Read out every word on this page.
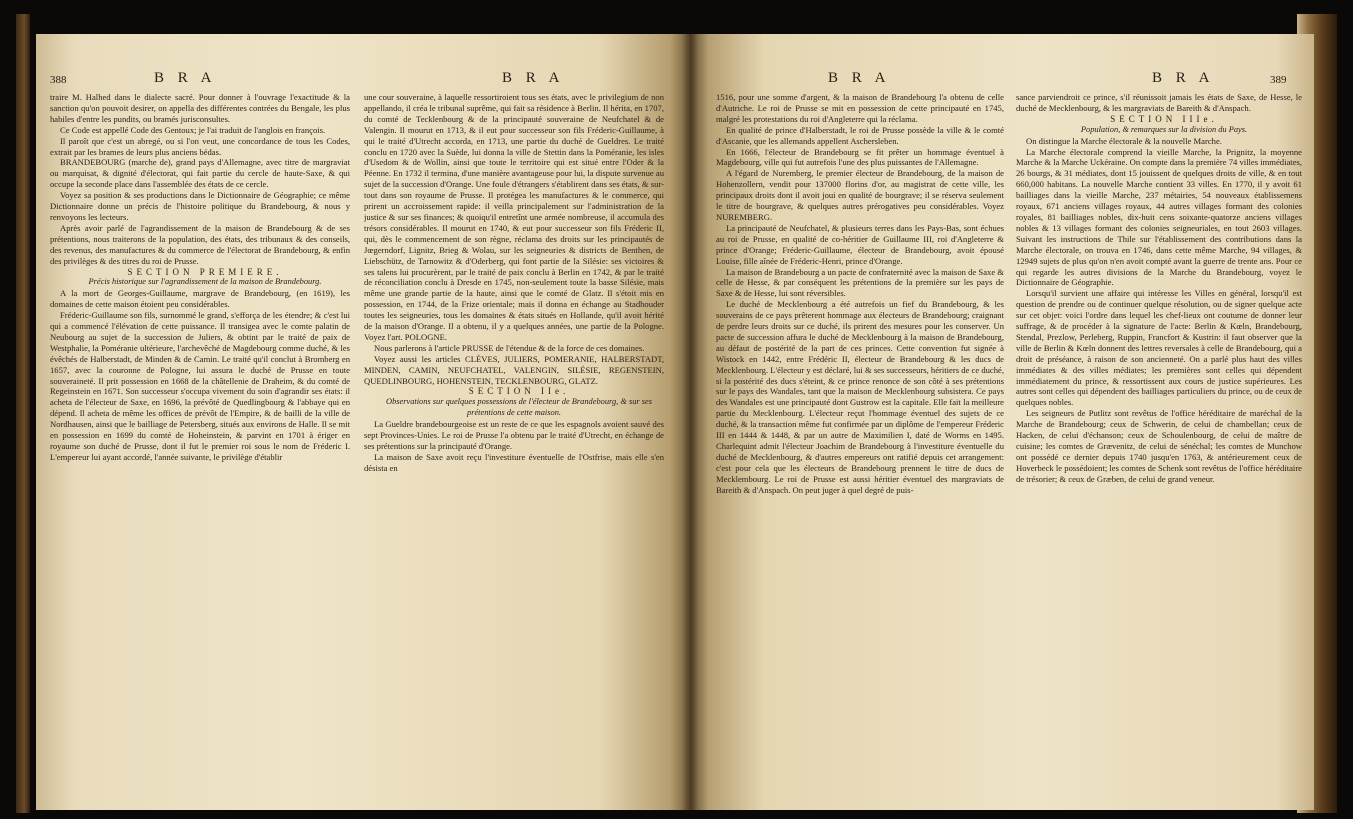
388	B R A	B R A

traire M. Halhed dans le dialecte sacré. Pour donner à l'ouvrage l'exactitude & la sanction qu'on pouvoit desirer, on appella des différentes contrées du Bengale, les plus habiles d'entre les pundits, ou bramés jurisconsultes.

Ce Code est appellé Code des Gentoux; je l'ai traduit de l'anglois en françois.

Il paroît que c'est un abregé, ou si l'on veut, une concordance de tous les Codes, extrait par les brames de leurs plus anciens bédas.

BRANDEBOURG (marche de), grand pays d'Allemagne, avec titre de margraviat ou marquisat, & dignité d'électorat, qui fait partie du cercle de haute-Saxe, & qui occupe la seconde place dans l'assemblée des états de ce cercle.

Voyez sa position & ses productions dans le Dictionnaire de Géographie; ce même Dictionnaire donne un précis de l'histoire politique du Brandebourg, & nous y renvoyons les lecteurs.

Après avoir parlé de l'agrandissement de la maison de Brandebourg & de ses prétentions, nous traiterons de la population, des états, des tribunaux & des conseils, des revenus, des manufactures & du commerce de l'électorat de Brandebourg, & enfin des privilèges & des titres du roi de Prusse.

SECTION PREMIERE.

Précis historique sur l'agrandissement de la maison de Brandebourg.

A la mort de Georges-Guillaume, margrave de Brandebourg, (en 1619), les domaines de cette maison étoient peu considérables.

Fréderic-Guillaume son fils, surnommé le grand, s'efforça de les étendre; & c'est lui qui a commencé l'élévation de cette puissance. Il transigea avec le comte palatin de Neubourg au sujet de la succession de Juliers, & obtint par le traité de paix de Westphalie, la Poméranie ultérieure, l'archevêché de Magdebourg comme duché, & les évêchés de Halberstadt, de Minden & de Camin. Le traité qu'il conclut à Bromberg en 1657, avec la couronne de Pologne, lui assura le duché de Prusse en toute souveraineté. Il prit possession en 1668 de la châtellenie de Draheim, & du comté de Regeinstein en 1671. Son successeur s'occupa vivement du soin d'agrandir ses états: il acheta de l'électeur de Saxe, en 1696, la prévôté de Quedlingbourg & l'abbaye qui en dépend. Il acheta de même les offices de prévôt de l'Empire, & de bailli de la ville de Nordhausen, ainsi que le bailliage de Petersberg, situés aux environs de Halle. Il se mit en possession en 1699 du comté de Hoheinstein, & parvint en 1701 à ériger en royaume son duché de Prusse, dont il fut le premier roi sous le nom de Fréderic I. L'empereur lui ayant accordé, l'année suivante, le privilège d'établir

une cour souveraine, à laquelle ressortiroient tous ses états, avec le privilegium de non appellando, il créa le tribunal suprême, qui fait sa résidence à Berlin. Il hérita, en 1707, du comté de Tecklenbourg & de la principauté souveraine de Neufchatel & de Valengin. Il mourut en 1713, & il eut pour successeur son fils Fréderic-Guillaume, à qui le traité d'Utrecht accorda, en 1713, une partie du duché de Gueldres. Le traité conclu en 1720 avec la Suède, lui donna la ville de Stettin dans la Poméranie, les isles d'Usedom & de Wollin, ainsi que toute le territoire qui est situé entre l'Oder & la Péenne. En 1732 il termina, d'une manière avantageuse pour lui, la dispute survenue au sujet de la succession d'Orange. Une foule d'étrangers s'établirent dans ses états, & sur-tout dans son royaume de Prusse. Il protégea les manufactures & le commerce, qui prirent un accroissement rapide: il veilla principalement sur l'administration de la justice & sur ses finances; & quoiqu'il entretînt une armée nombreuse, il accumula des trésors considérables. Il mourut en 1740, & eut pour successeur son fils Fréderic II, qui, dès le commencement de son règne, réclama des droits sur les principautés de Jœgerndorf, Lignitz, Brieg & Wolau, sur les seigneuries & districts de Benthen, de Liebschütz, de Tarnowitz & d'Oderberg, qui font partie de la Silésie: ses victoires & ses talens lui procurèrent, par le traité de paix conclu à Berlin en 1742, & par le traité de réconciliation conclu à Dresde en 1745, non-seulement toute la basse Silésie, mais même une grande partie de la haute, ainsi que le comté de Glatz. Il s'étoit mis en possession, en 1744, de la Frize orientale; mais il donna en échange au Stadhouder toutes les seigneuries, tous les domaines & états situés en Hollande, qu'il avoit hérité de la maison d'Orange. Il a obtenu, il y a quelques années, une partie de la Pologne. Voyez l'art. POLOGNE.

Nous parlerons à l'article PRUSSE de l'étendue & de la force de ces domaines.

Voyez aussi les articles CLÈVES, JULIERS, POMERANIE, HALBERSTADT, MINDEN, CAMIN, NEUFCHATEL, VALENGIN, SILÉSIE, REGENSTEIN, QUEDLINBOURG, HOHENSTEIN, TECKLENBOURG, GLATZ.

SECTION IIe.

Observations sur quelques possessions de l'électeur de Brandebourg, & sur ses prétentions de cette maison.

La Gueldre brandebourgeoise est un reste de ce que les espagnols avoient sauvé des sept Provinces-Unies. Le roi de Prusse l'a obtenu par le traité d'Utrecht, en échange de ses prétentions sur la principauté d'Orange.

La maison de Saxe avoit reçu l'investiture éventuelle de l'Ostfrise, mais elle s'en désista en

B R A	B R A	389

1516, pour une somme d'argent, & la maison de Brandebourg l'a obtenu de celle d'Autriche. Le roi de Prusse se mit en possession de cette principauté en 1745, malgré les protestations du roi d'Angleterre qui la réclama.

En qualité de prince d'Halberstadt, le roi de Prusse possède la ville & le comté d'Ascanie, que les allemands appellent Aschersleben.

En 1666, l'électeur de Brandebourg se fit prêter un hommage éventuel à Magdebourg, ville qui fut autrefois l'une des plus puissantes de l'Allemagne.

A l'égard de Nuremberg, le premier électeur de Brandebourg, de la maison de Hohenzollern, vendit pour 137000 florins d'or, au magistrat de cette ville, les principaux droits dont il avoit joui en qualité de bourgrave; il se réserva seulement le titre de bourgrave, & quelques autres prérogatives peu considérables. Voyez NUREMBERG.

La principauté de Neufchatel, & plusieurs terres dans les Pays-Bas, sont échues au roi de Prusse, en qualité de co-héritier de Guillaume III, roi d'Angleterre & prince d'Orange; Fréderic-Guillaume, électeur de Brandebourg, avoit épousé Louise, fille aînée de Fréderic-Henri, prince d'Orange.

La maison de Brandebourg a un pacte de confraternité avec la maison de Saxe & celle de Hesse, & par conséquent les prétentions de la première sur les pays de Saxe & de Hesse, lui sont réversibles.

Le duché de Mecklenbourg a été autrefois un fief du Brandebourg, & les souverains de ce pays prêterent hommage aux électeurs de Brandebourg; craignant de perdre leurs droits sur ce duché, ils prirent des mesures pour les conserver. Un pacte de succession affura le duché de Mecklenbourg à la maison de Brandebourg, au défaut de postérité de la part de ces princes. Cette convention fut signée à Wistock en 1442, entre Frédéric II, électeur de Brandebourg & les ducs de Mecklenbourg. L'électeur y est déclaré, lui & ses successeurs, héritiers de ce duché, si la postérité des ducs s'éteint, & ce prince renonce de son côté à ses prétentions sur le pays des Wandales, tant que la maison de Mecklenbourg subsistera. Ce pays des Wandales est une principauté dont Gustrow est la capitale. Elle fait la meilleure partie du Mecklenbourg. L'électeur reçut l'hommage éventuel des sujets de ce duché, & la transaction même fut confirmée par un diplôme de l'empereur Fréderic III en 1444 & 1448, & par un autre de Maximilien I, daté de Worms en 1495. Charlequint admit l'électeur Joachim de Brandebourg à l'investiture éventuelle du duché de Mecklenbourg, & d'autres empereurs ont ratifié depuis cet arrangement: c'est pour cela que les électeurs de Brandebourg prennent le titre de ducs de Mecklembourg. Le roi de Prusse est aussi héritier éventuel des margraviats de Bareith & d'Anspach. On peut juger à quel degré de puis-

sance parviendroit ce prince, s'il réunissoit jamais les états de Saxe, de Hesse, le duché de Mecklenbourg, & les margraviats de Bareith & d'Anspach.

SECTION IIIe.

Population, & remarques sur la division du Pays.

On distingue la Marche électorale & la nouvelle Marche.

La Marche électorale comprend la vieille Marche, la Prignitz, la moyenne Marche & la Marche Uckéraine. On compte dans la première 74 villes immédiates, 26 bourgs, & 31 médiates, dont 15 jouissent de quelques droits de ville, & en tout 660,000 habitans. La nouvelle Marche contient 33 villes. En 1770, il y avoit 61 bailliages dans la vieille Marche, 237 métairies, 54 nouveaux établissemens royaux, 671 anciens villages royaux, 44 autres villages formant des colonies royales, 81 bailliages nobles, dix-huit cens soixante-quatorze anciens villages nobles & 13 villages formant des colonies seigneuriales, en tout 2603 villages. Suivant les instructions de Thile sur l'établissement des contributions dans la Marche électorale, on trouva en 1746, dans cette même Marche, 94 villages, & 12949 sujets de plus qu'on n'en avoit compté avant la guerre de trente ans. Pour ce qui regarde les autres divisions de la Marche du Brandebourg, voyez le Dictionnaire de Géographie.

Lorsqu'il survient une affaire qui intéresse les Villes en général, lorsqu'il est question de prendre ou de continuer quelque résolution, ou de signer quelque acte sur cet objet: voici l'ordre dans lequel les chef-lieux ont coutume de donner leur suffrage, & de procéder à la signature de l'acte: Berlin & Kœln, Brandebourg, Stendal, Prezlow, Perleberg, Ruppin, Francfort & Kustrin: il faut observer que la ville de Berlin & Kœln donnent des lettres reversales à celle de Brandebourg, qui a droit de préséance, à raison de son ancienneté. On a parlé plus haut des villes immédiates & des villes médiates; les premières sont celles qui dépendent immédiatement du prince, & ressortissent aux cours de justice supérieures. Les autres sont celles qui dépendent des bailliages particuliers du prince, ou de ceux de quelques nobles.

Les seigneurs de Putlitz sont revêtus de l'office héréditaire de maréchal de la Marche de Brandebourg; ceux de Schwerin, de celui de chambellan; ceux de Hacken, de celui d'échanson; ceux de Schoulenbourg, de celui de maître de cuisine; les comtes de Grævenitz, de celui de sénéchal; les comtes de Munchow ont possédé ce dernier depuis 1740 jusqu'en 1763, & antérieurement ceux de Hoverbeck le possédoient; les comtes de Schenk sont revêtus de l'office héréditaire de trésorier; & ceux de Græben, de celui de grand veneur.
